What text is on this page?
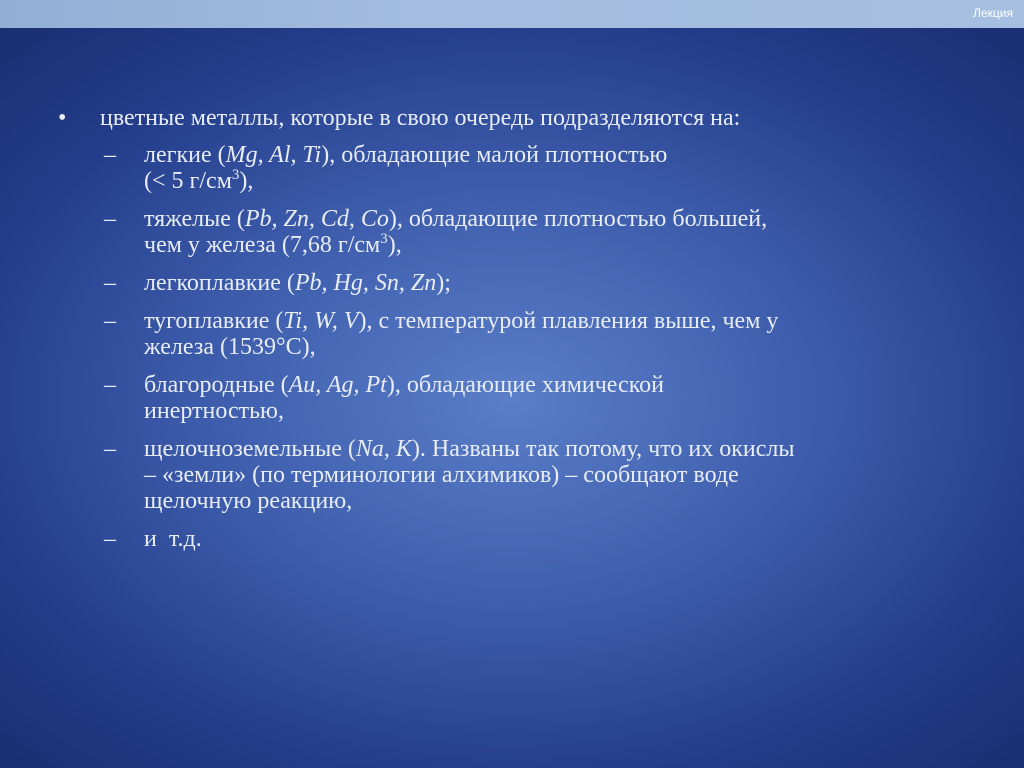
Лекция
•	цветные металлы, которые в свою очередь подразделяются на:
–	легкие (Mg, Al, Ti), обладающие малой плотностью
(< 5 $г/см^3$),
–	тяжелые (Pb, Zn, Cd, Co), обладающие плотностью большей,
чем у железа (7,68 $г/см^3$),
–	легкоплавкие (Pb, Hg, Sn, Zn);
–	тугоплавкие (Ti, W, V), с температурой плавления выше, чем у
железа (1539°С),
–	благородные (Au, Ag, Pt), обладающие химической
инертностью,
–	щелочноземельные (Na, K). Названы так потому, что их окислы
– «земли» (по терминологии алхимиков) – сообщают воде
щелочную реакцию,
–	и  т.д.
